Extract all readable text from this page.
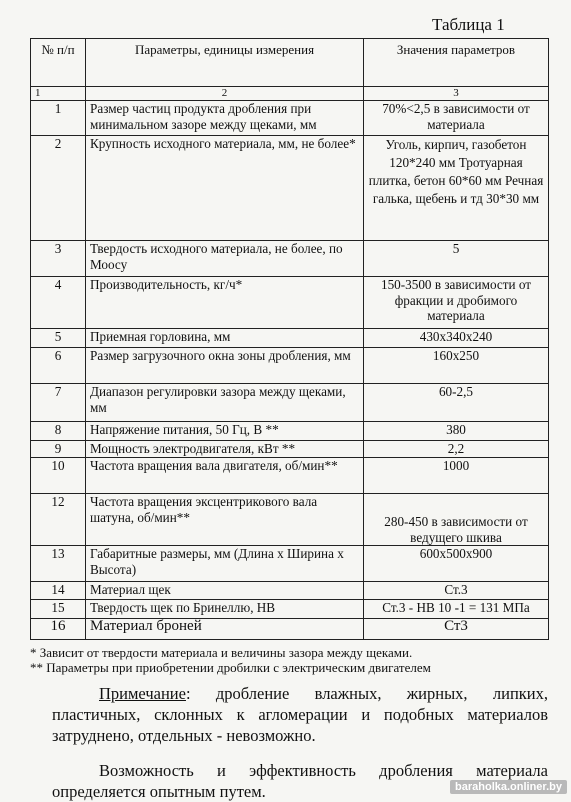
Таблица 1
№ п/п	Параметры, единицы измерения	Значения параметров
1	2	3
1	Размер частиц продукта дробления при минимальном зазоре между щеками, мм	70%<2,5 в зависимости от материала
2	Крупность исходного материала, мм, не более*	Уголь, кирпич, газобетон 120*240 мм Тротуарная плитка, бетон 60*60 мм Речная галька, щебень и тд 30*30 мм
3	Твердость исходного материала, не более, по Моосу	5
4	Производительность, кг/ч*	150-3500 в зависимости от фракции и дробимого материала
5	Приемная горловина, мм	430x340x240
6	Размер загрузочного окна зоны дробления, мм	160x250
7	Диапазон регулировки зазора между щеками, мм	60-2,5
8	Напряжение питания, 50 Гц, В **	380
9	Мощность электродвигателя, кВт **	2,2
10	Частота вращения вала двигателя, об/мин**	1000
12	Частота вращения эксцентрикового вала шатуна, об/мин**	280-450 в зависимости от ведущего шкива
13	Габаритные размеры, мм (Длина х Ширина х Высота)	600x500x900
14	Материал щек	Ст.3
15	Твердость щек по Бринеллю, НВ	Ст.3 - НВ 10 -1 = 131 МПа
16	Материал броней	Ст3
* Зависит от твердости материала и величины зазора между щеками.
** Параметры при приобретении дробилки с электрическим двигателем
Примечание: дробление влажных, жирных, липких, пластичных, склонных к агломерации и подобных материалов затруднено, отдельных - невозможно.
Возможность и эффективность дробления материала определяется опытным путем.	baraholka.onliner.by
